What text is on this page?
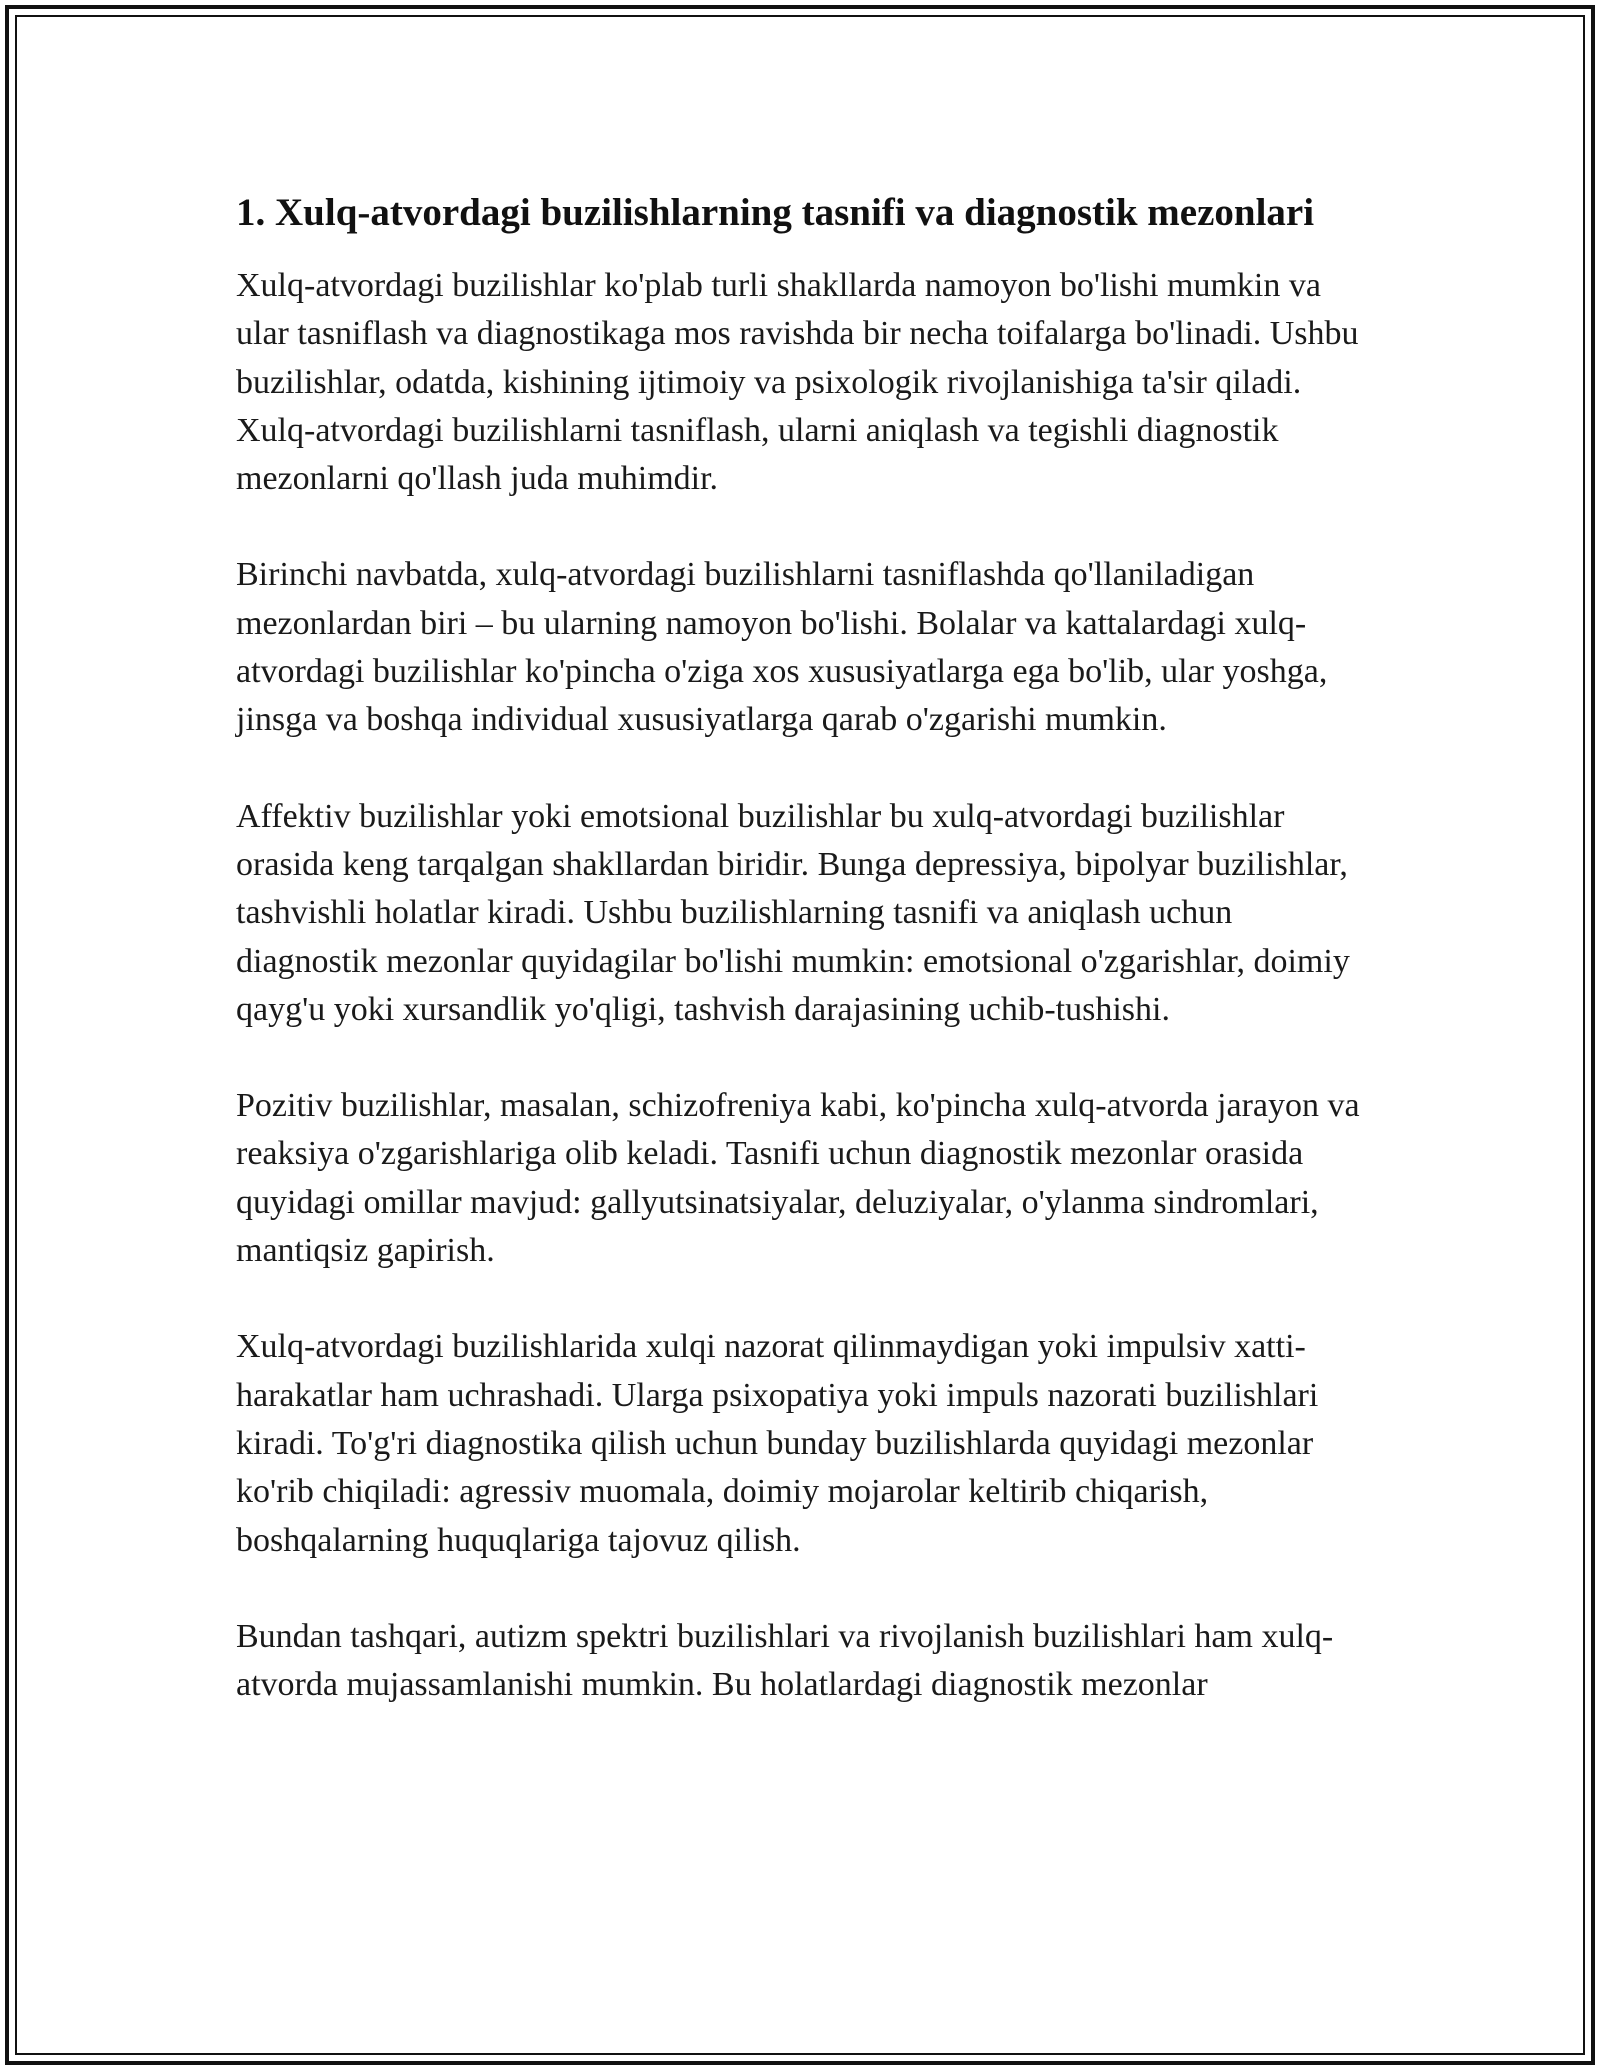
1. Xulq-atvordagi buzilishlarning tasnifi va diagnostik mezonlari

Xulq-atvordagi buzilishlar ko'plab turli shakllarda namoyon bo'lishi mumkin va ular tasniflash va diagnostikaga mos ravishda bir necha toifalarga bo'linadi. Ushbu buzilishlar, odatda, kishining ijtimoiy va psixologik rivojlanishiga ta'sir qiladi. Xulq-atvordagi buzilishlarni tasniflash, ularni aniqlash va tegishli diagnostik mezonlarni qo'llash juda muhimdir.

Birinchi navbatda, xulq-atvordagi buzilishlarni tasniflashda qo'llaniladigan mezonlardan biri – bu ularning namoyon bo'lishi. Bolalar va kattalardagi xulq-atvordagi buzilishlar ko'pincha o'ziga xos xususiyatlarga ega bo'lib, ular yoshga, jinsga va boshqa individual xususiyatlarga qarab o'zgarishi mumkin.

Affektiv buzilishlar yoki emotsional buzilishlar bu xulq-atvordagi buzilishlar orasida keng tarqalgan shakllardan biridir. Bunga depressiya, bipolyar buzilishlar, tashvishli holatlar kiradi. Ushbu buzilishlarning tasnifi va aniqlash uchun diagnostik mezonlar quyidagilar bo'lishi mumkin: emotsional o'zgarishlar, doimiy qayg'u yoki xursandlik yo'qligi, tashvish darajasining uchib-tushishi.

Pozitiv buzilishlar, masalan, schizofreniya kabi, ko'pincha xulq-atvorda jarayon va reaksiya o'zgarishlariga olib keladi. Tasnifi uchun diagnostik mezonlar orasida quyidagi omillar mavjud: gallyutsinatsiyalar, deluziyalar, o'ylanma sindromlari, mantiqsiz gapirish.

Xulq-atvordagi buzilishlarida xulqi nazorat qilinmaydigan yoki impulsiv xatti-harakatlar ham uchrashadi. Ularga psixopatiya yoki impuls nazorati buzilishlari kiradi. To'g'ri diagnostika qilish uchun bunday buzilishlarda quyidagi mezonlar ko'rib chiqiladi: agressiv muomala, doimiy mojarolar keltirib chiqarish, boshqalarning huquqlariga tajovuz qilish.

Bundan tashqari, autizm spektri buzilishlari va rivojlanish buzilishlari ham xulq-atvorda mujassamlanishi mumkin. Bu holatlardagi diagnostik mezonlar
